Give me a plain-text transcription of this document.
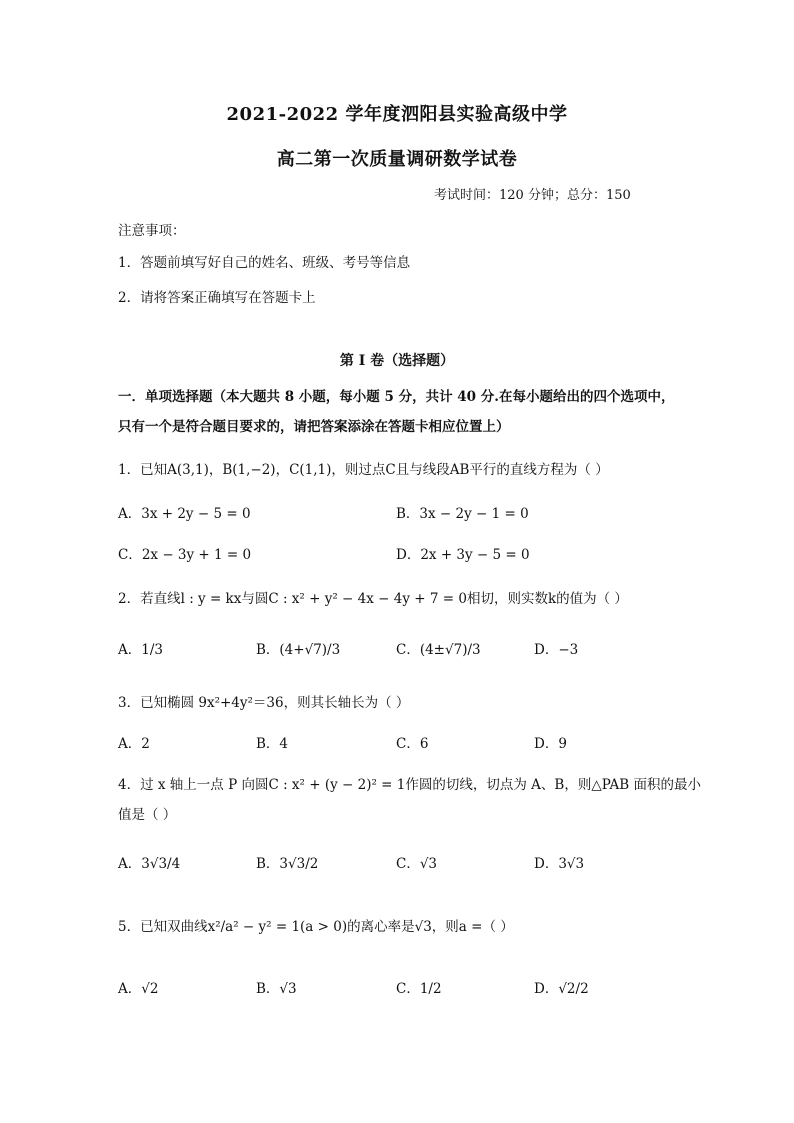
2021-2022 学年度泗阳县实验高级中学
高二第一次质量调研数学试卷
考试时间：120 分钟；总分：150
注意事项：
1．答题前填写好自己的姓名、班级、考号等信息
2．请将答案正确填写在答题卡上
第 I 卷（选择题）
一．单项选择题（本大题共 8 小题，每小题 5 分，共计 40 分.在每小题给出的四个选项中，
只有一个是符合题目要求的，请把答案添涂在答题卡相应位置上）
1．已知A(3,1)，B(1,−2)，C(1,1)，则过点C且与线段AB平行的直线方程为（ ）
A．3x + 2y − 5 = 0	B．3x − 2y − 1 = 0
C．2x − 3y + 1 = 0	D．2x + 3y − 5 = 0
2．若直线l : y = kx与圆C : x² + y² − 4x − 4y + 7 = 0相切，则实数k的值为（ ）
A．1/3	B．(4+√7)/3	C．(4±√7)/3	D．−3
3．已知椭圆 9x²+4y²＝36，则其长轴长为（ ）
A．2	B．4	C．6	D．9
4．过 x 轴上一点 P 向圆C : x² + (y − 2)² = 1作圆的切线，切点为 A、B，则△PAB 面积的最小
值是（ ）
A．3√3/4	B．3√3/2	C．√3	D．3√3
5．已知双曲线x²/a² − y² = 1(a > 0)的离心率是√3，则a =（ ）
A．√2	B．√3	C．1/2	D．√2/2
